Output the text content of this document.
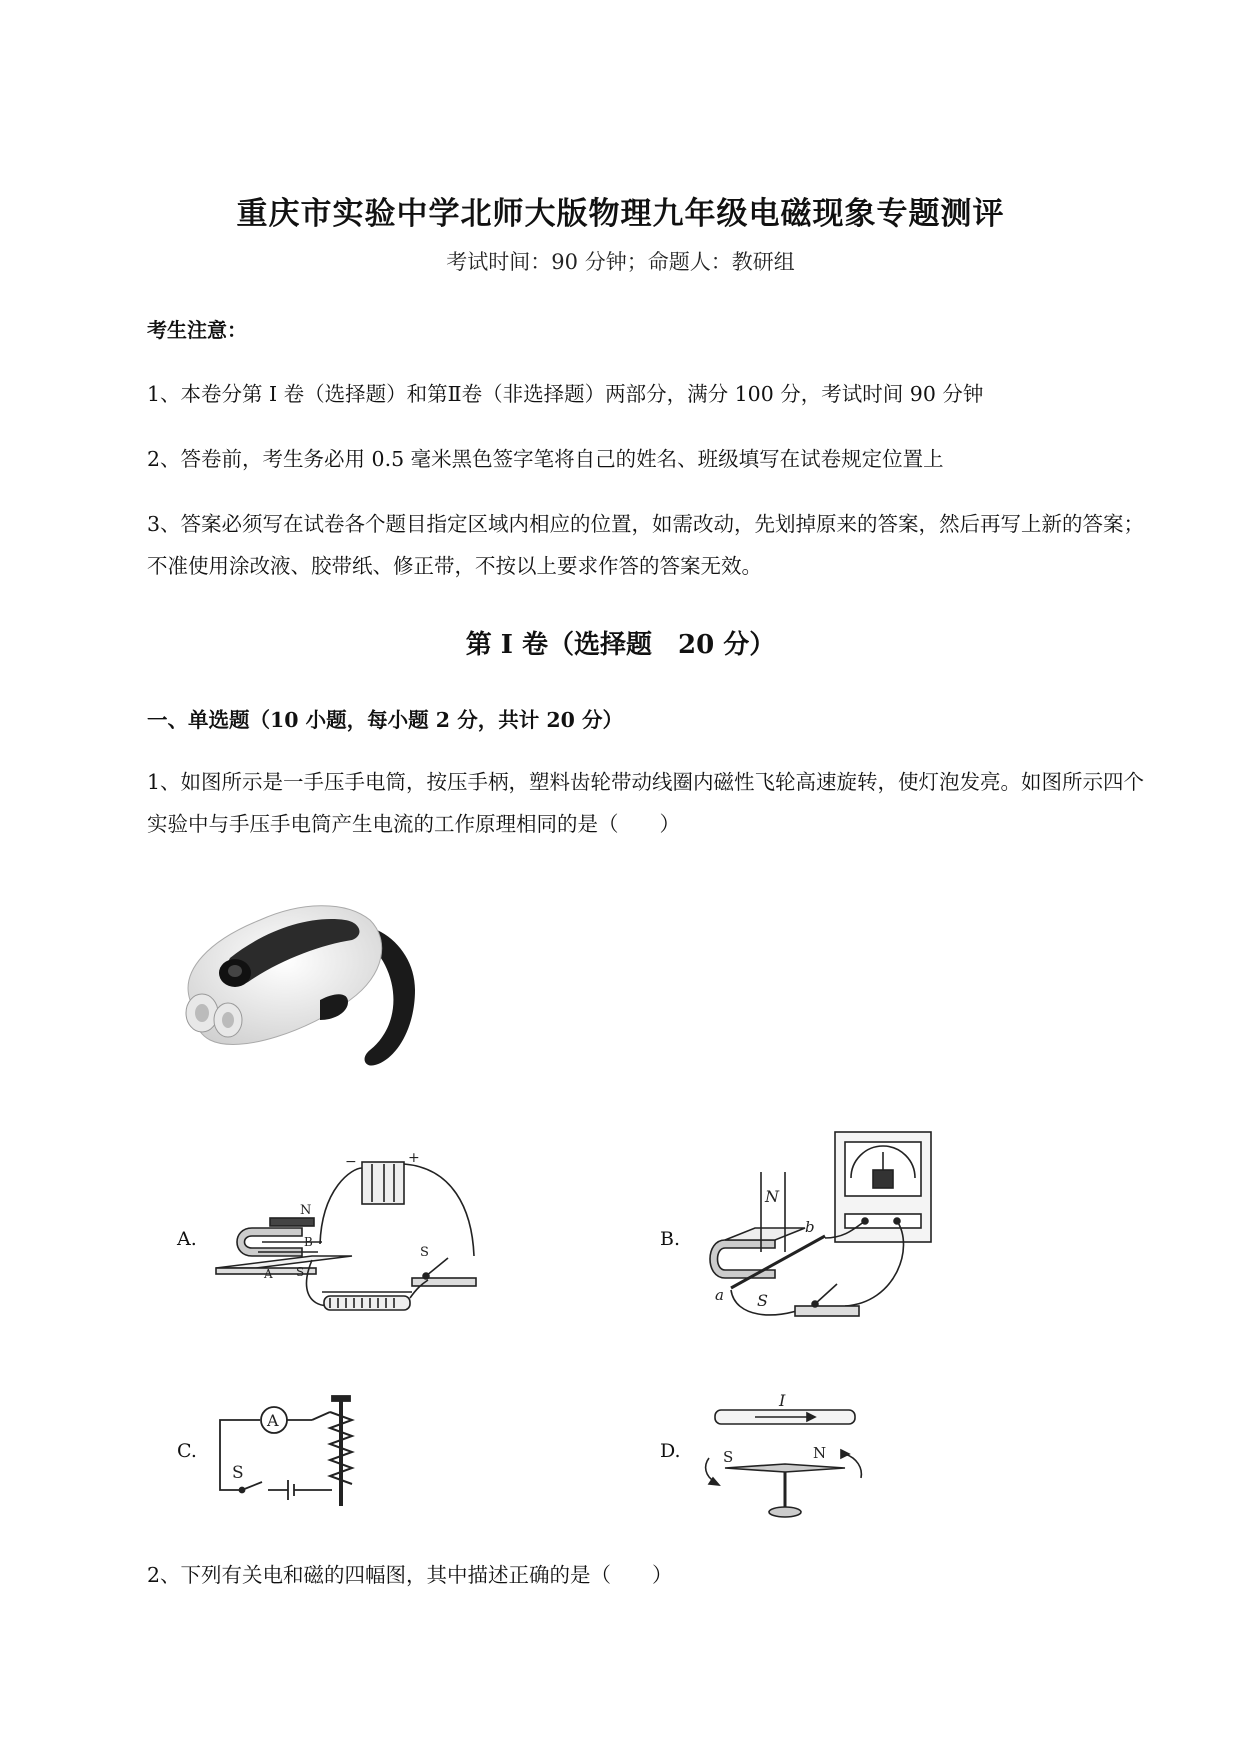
重庆市实验中学北师大版物理九年级电磁现象专题测评
考试时间：90 分钟；命题人：教研组
考生注意：
1、本卷分第 I 卷（选择题）和第Ⅱ卷（非选择题）两部分，满分 100 分，考试时间 90 分钟
2、答卷前，考生务必用 0.5 毫米黑色签字笔将自己的姓名、班级填写在试卷规定位置上
3、答案必须写在试卷各个题目指定区域内相应的位置，如需改动，先划掉原来的答案，然后再写上新的答案；不准使用涂改液、胶带纸、修正带，不按以上要求作答的答案无效。
第 I 卷（选择题　20 分）
一、单选题（10 小题，每小题 2 分，共计 20 分）
1、如图所示是一手压手电筒，按压手柄，塑料齿轮带动线圈内磁性飞轮高速旋转，使灯泡发亮。如图所示四个实验中与手压手电筒产生电流的工作原理相同的是（　　）
A.
N
B
A S
−	+
S
B.
N
S
b
a
C.
S
A
D.
I
S	N
2、下列有关电和磁的四幅图，其中描述正确的是（　　）
